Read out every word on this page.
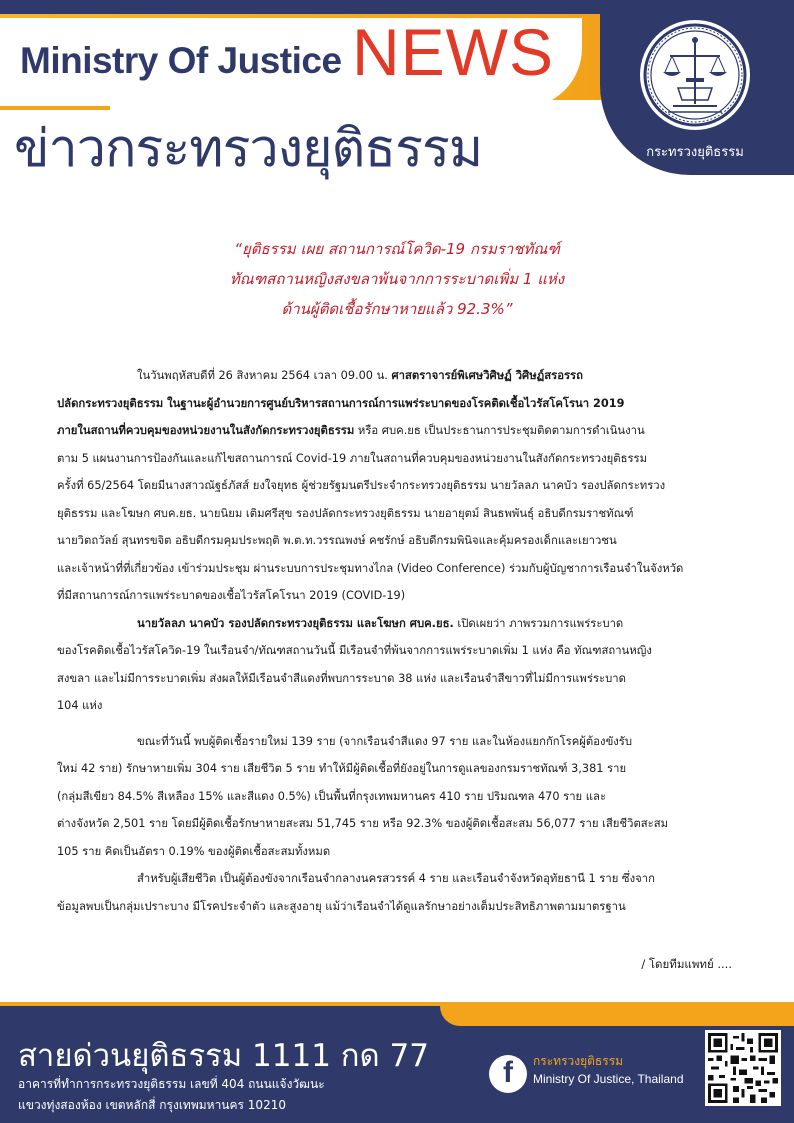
Ministry Of Justice NEWS
ข่าวกระทรวงยุติธรรม	กระทรวงยุติธรรม
“ยุติธรรม เผย สถานการณ์โควิด-19 กรมราชทัณฑ์
ทัณฑสถานหญิงสงขลาพ้นจากการระบาดเพิ่ม 1 แห่ง
ด้านผู้ติดเชื้อรักษาหายแล้ว 92.3%”
ในวันพฤหัสบดีที่ 26 สิงหาคม 2564 เวลา 09.00 น. ศาสตราจารย์พิเศษวิศิษฏ์ วิศิษฏ์สรอรรถ
ปลัดกระทรวงยุติธรรม ในฐานะผู้อำนวยการศูนย์บริหารสถานการณ์การแพร่ระบาดของโรคติดเชื้อไวรัสโคโรนา 2019
ภายในสถานที่ควบคุมของหน่วยงานในสังกัดกระทรวงยุติธรรม หรือ ศบค.ยธ เป็นประธานการประชุมติดตามการดำเนินงาน
ตาม 5 แผนงานการป้องกันและแก้ไขสถานการณ์ Covid-19 ภายในสถานที่ควบคุมของหน่วยงานในสังกัดกระทรวงยุติธรรม
ครั้งที่ 65/2564 โดยมีนางสาวณัฐธ์ภัสส์ ยงใจยุทธ ผู้ช่วยรัฐมนตรีประจำกระทรวงยุติธรรม นายวัลลภ นาคบัว รองปลัดกระทรวง
ยุติธรรม และโฆษก ศบค.ยธ. นายนิยม เติมศรีสุข รองปลัดกระทรวงยุติธรรม นายอายุตม์ สินธพพันธุ์ อธิบดีกรมราชทัณฑ์
นายวิตถวัลย์ สุนทรขจิต อธิบดีกรมคุมประพฤติ พ.ต.ท.วรรณพงษ์ คชรักษ์ อธิบดีกรมพินิจและคุ้มครองเด็กและเยาวชน
และเจ้าหน้าที่ที่เกี่ยวข้อง เข้าร่วมประชุม ผ่านระบบการประชุมทางไกล (Video Conference) ร่วมกับผู้บัญชาการเรือนจำในจังหวัด
ที่มีสถานการณ์การแพร่ระบาดของเชื้อไวรัสโคโรนา 2019 (COVID-19)
นายวัลลภ นาคบัว รองปลัดกระทรวงยุติธรรม และโฆษก ศบค.ยธ. เปิดเผยว่า ภาพรวมการแพร่ระบาด
ของโรคติดเชื้อไวรัสโควิด-19 ในเรือนจำ/ทัณฑสถานวันนี้ มีเรือนจำที่พ้นจากการแพร่ระบาดเพิ่ม 1 แห่ง คือ ทัณฑสถานหญิง
สงขลา และไม่มีการระบาดเพิ่ม ส่งผลให้มีเรือนจำสีแดงที่พบการระบาด 38 แห่ง และเรือนจำสีขาวที่ไม่มีการแพร่ระบาด
104 แห่ง
ขณะที่วันนี้ พบผู้ติดเชื้อรายใหม่ 139 ราย (จากเรือนจำสีแดง 97 ราย และในห้องแยกกักโรคผู้ต้องขังรับ
ใหม่ 42 ราย) รักษาหายเพิ่ม 304 ราย เสียชีวิต 5 ราย ทำให้มีผู้ติดเชื้อที่ยังอยู่ในการดูแลของกรมราชทัณฑ์ 3,381 ราย
(กลุ่มสีเขียว 84.5% สีเหลือง 15% และสีแดง 0.5%) เป็นพื้นที่กรุงเทพมหานคร 410 ราย ปริมณฑล 470 ราย และ
ต่างจังหวัด 2,501 ราย โดยมีผู้ติดเชื้อรักษาหายสะสม 51,745 ราย หรือ 92.3% ของผู้ติดเชื้อสะสม 56,077 ราย เสียชีวิตสะสม
105 ราย คิดเป็นอัตรา 0.19% ของผู้ติดเชื้อสะสมทั้งหมด
สำหรับผู้เสียชีวิต เป็นผู้ต้องขังจากเรือนจำกลางนครสวรรค์ 4 ราย และเรือนจำจังหวัดอุทัยธานี 1 ราย ซึ่งจาก
ข้อมูลพบเป็นกลุ่มเปราะบาง มีโรคประจำตัว และสูงอายุ แม้ว่าเรือนจำได้ดูแลรักษาอย่างเต็มประสิทธิภาพตามมาตรฐาน
/ โดยทีมแพทย์ ....
สายด่วนยุติธรรม 1111 กด 77
อาคารที่ทำการกระทรวงยุติธรรม เลขที่ 404 ถนนแจ้งวัฒนะ
แขวงทุ่งสองห้อง เขตหลักสี่ กรุงเทพมหานคร 10210
f	กระทรวงยุติธรรม
Ministry Of Justice, Thailand
